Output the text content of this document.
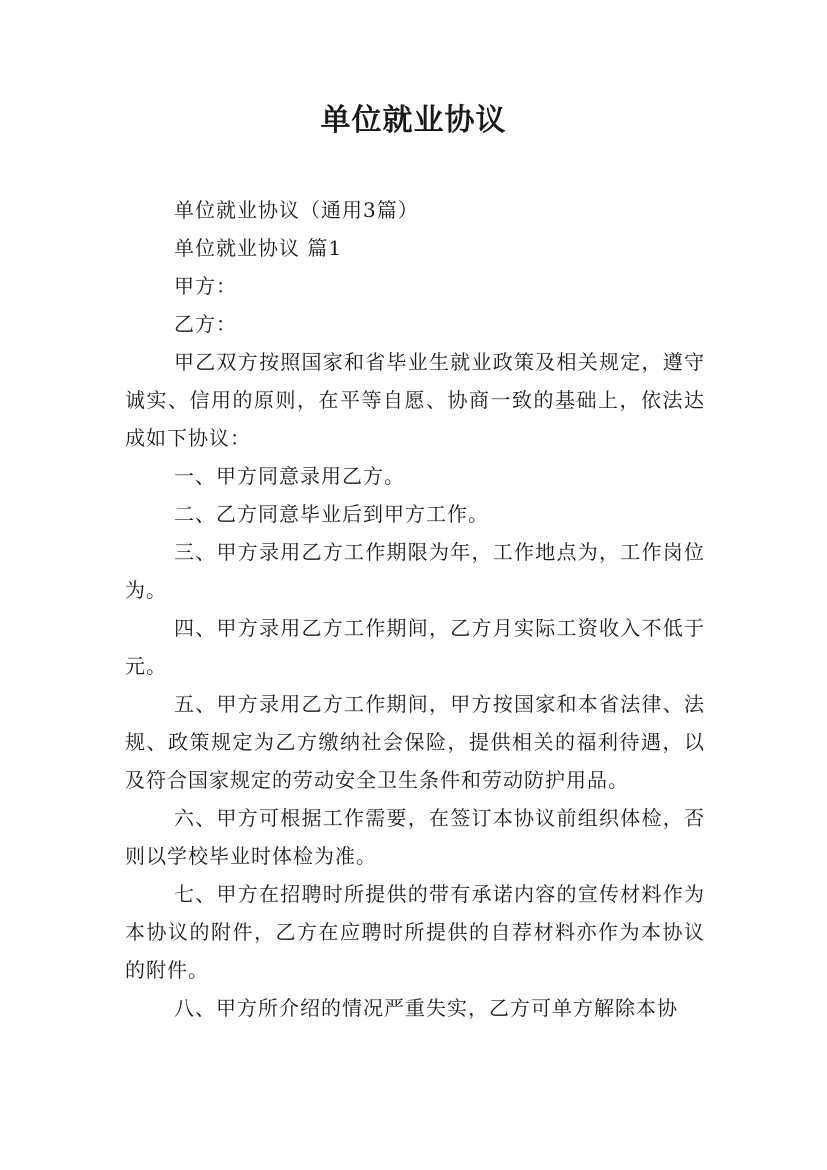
单位就业协议

单位就业协议（通用3篇）

单位就业协议 篇1

甲方：

乙方：

甲乙双方按照国家和省毕业生就业政策及相关规定，遵守诚实、信用的原则，在平等自愿、协商一致的基础上，依法达成如下协议：

一、甲方同意录用乙方。

二、乙方同意毕业后到甲方工作。

三、甲方录用乙方工作期限为年，工作地点为，工作岗位为。

四、甲方录用乙方工作期间，乙方月实际工资收入不低于元。

五、甲方录用乙方工作期间，甲方按国家和本省法律、法规、政策规定为乙方缴纳社会保险，提供相关的福利待遇，以及符合国家规定的劳动安全卫生条件和劳动防护用品。

六、甲方可根据工作需要，在签订本协议前组织体检，否则以学校毕业时体检为准。

七、甲方在招聘时所提供的带有承诺内容的宣传材料作为本协议的附件，乙方在应聘时所提供的自荐材料亦作为本协议的附件。

八、甲方所介绍的情况严重失实，乙方可单方解除本协
